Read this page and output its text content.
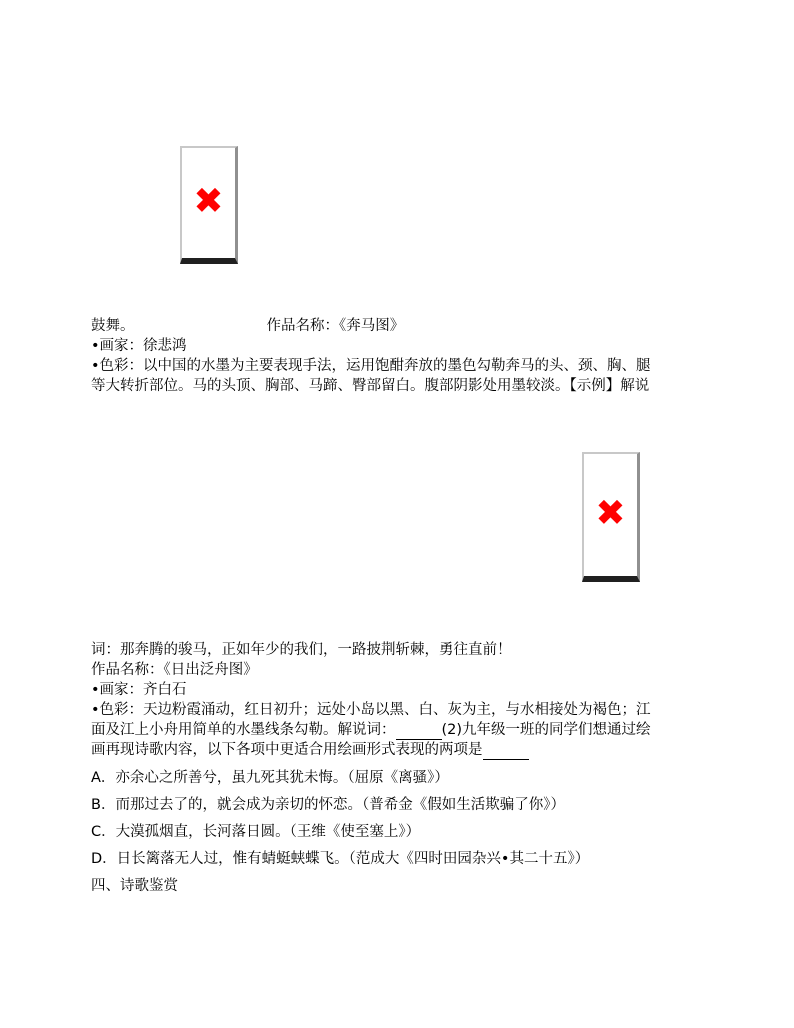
✖
鼓舞。	作品名称：《奔马图》
•画家：徐悲鸿
•色彩：以中国的水墨为主要表现手法，运用饱酣奔放的墨色勾勒奔马的头、颈、胸、腿
等大转折部位。马的头顶、胸部、马蹄、臀部留白。腹部阴影处用墨较淡。【示例】解说
✖
词：那奔腾的骏马，正如年少的我们，一路披荆斩棘，勇往直前！
作品名称：《日出泛舟图》
•画家：齐白石
•色彩：天边粉霞涌动，红日初升；远处小岛以黑、白、灰为主，与水相接处为褐色；江
面及江上小舟用简单的水墨线条勾勒。解说词：	(2)九年级一班的同学们想通过绘
画再现诗歌内容，以下各项中更适合用绘画形式表现的两项是
A．亦余心之所善兮，虽九死其犹未悔。（屈原《离骚》）
B．而那过去了的，就会成为亲切的怀恋。（普希金《假如生活欺骗了你》）
C．大漠孤烟直，长河落日圆。（王维《使至塞上》）
D．日长篱落无人过，惟有蜻蜓蛱蝶飞。（范成大《四时田园杂兴•其二十五》）
四、诗歌鉴赏
